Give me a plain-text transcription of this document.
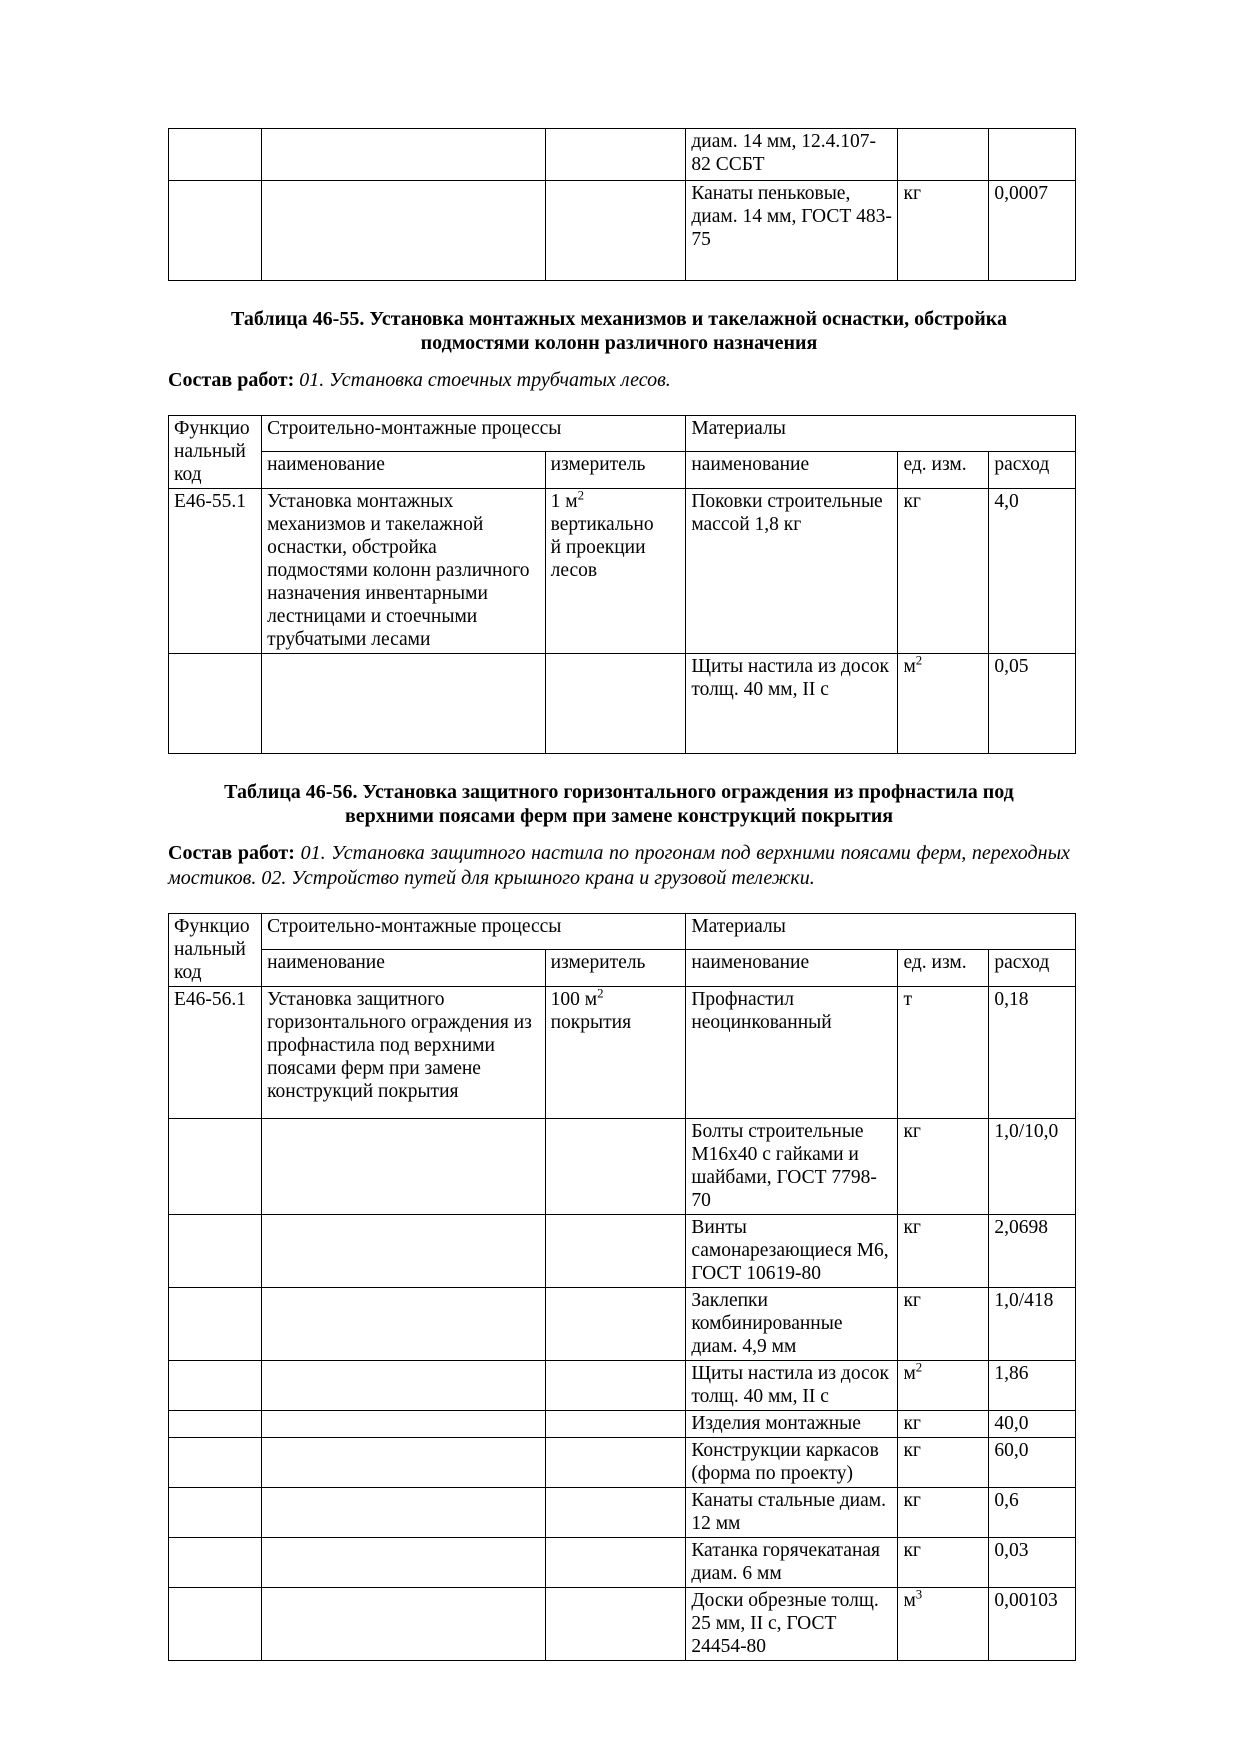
			диам. 14 мм, 12.4.107-82 ССБТ		
			Канаты пеньковые, диам. 14 мм, ГОСТ 483-75	кг	0,0007

Таблица 46-55. Установка монтажных механизмов и такелажной оснастки, обстройка подмостями колонн различного назначения

Состав работ: 01. Установка стоечных трубчатых лесов.

Функцио
нальный
код	Строительно-монтажные процессы		Материалы		
	наименование	измеритель	наименование	ед. изм.	расход
Е46-55.1	Установка монтажных механизмов и такелажной оснастки, обстройка подмостями колонн различного назначения инвентарными лестницами и стоечными трубчатыми лесами	1 $м^2$
вертикально
й проекции
лесов	Поковки строительные массой 1,8 кг	кг	4,0
			Щиты настила из досок толщ. 40 мм, II с	$м^2$	0,05

Таблица 46-56. Установка защитного горизонтального ограждения из профнастила под верхними поясами ферм при замене конструкций покрытия

Состав работ: 01. Установка защитного настила по прогонам под верхними поясами ферм, переходных мостиков. 02. Устройство путей для крышного крана и грузовой тележки.

Функцио
нальный
код	Строительно-монтажные процессы		Материалы		
	наименование	измеритель	наименование	ед. изм.	расход
Е46-56.1	Установка защитного горизонтального ограждения из профнастила под верхними поясами ферм при замене конструкций покрытия	100 $м^2$
покрытия	Профнастил неоцинкованный	т	0,18
			Болты строительные М16х40 с гайками и шайбами, ГОСТ 7798-70	кг	1,0/10,0
			Винты самонарезающиеся М6, ГОСТ 10619-80	кг	2,0698
			Заклепки комбинированные диам. 4,9 мм	кг	1,0/418
			Щиты настила из досок толщ. 40 мм, II с	$м^2$	1,86
			Изделия монтажные	кг	40,0
			Конструкции каркасов (форма по проекту)	кг	60,0
			Канаты стальные диам. 12 мм	кг	0,6
			Катанка горячекатаная диам. 6 мм	кг	0,03
			Доски обрезные толщ. 25 мм, II с, ГОСТ 24454-80	$м^3$	0,00103
